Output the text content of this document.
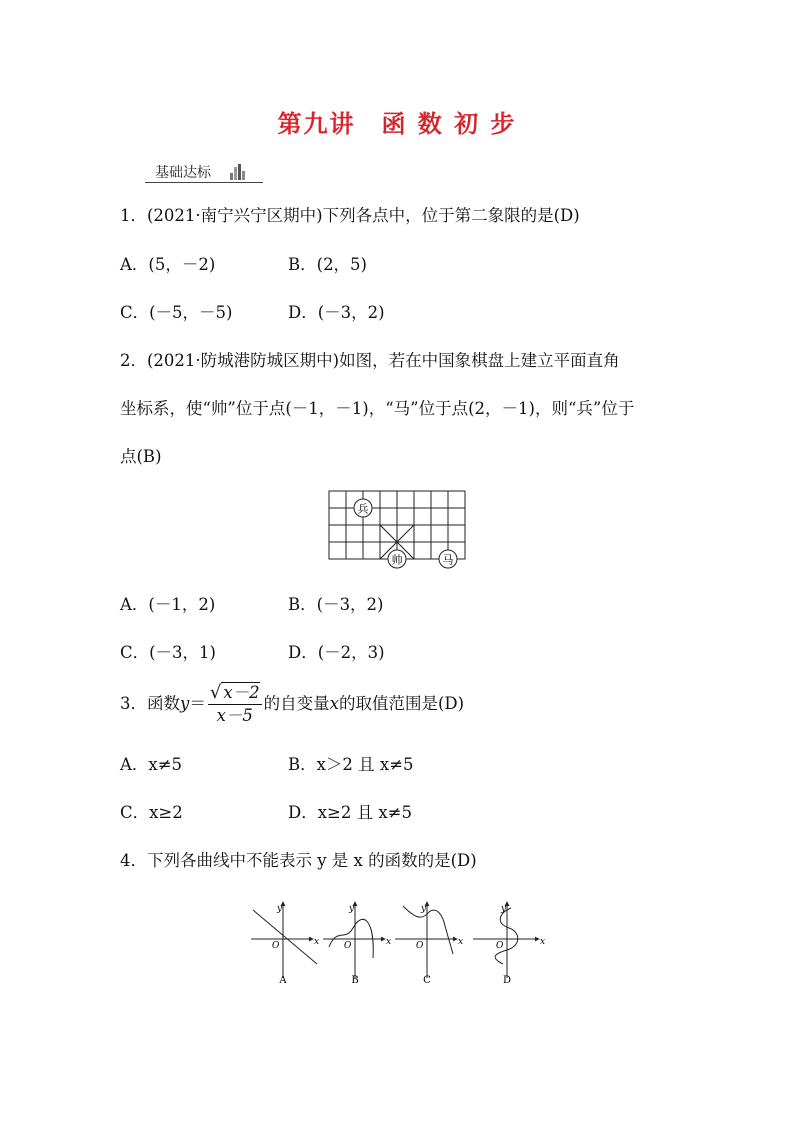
第九讲　函 数 初 步
基础达标
1．(2021·南宁兴宁区期中)下列各点中，位于第二象限的是(D)
A．(5，－2)	B．(2，5)
C．(－5，－5)	D．(－3，2)
2．(2021·防城港防城区期中)如图，若在中国象棋盘上建立平面直角
坐标系，使“帅”位于点(－1，－1)，“马”位于点(2，－1)，则“兵”位于
点(B)
兵
帅	马
A．(－1，2)	B．(－3，2)
C．(－3，1)	D．(－2，3)
3．函数$y= \frac{√ x-2}{x-5}$ 的自变量x的取值范围是(D)
A．x≠5	B．x＞2 且 x≠5
C．x≥2	D．x≥2 且 x≠5
4．下列各曲线中不能表示 y 是 x 的函数的是(D)
y
x
O
A
y
x
O
B
y
x
O
C
y
x
O
D
